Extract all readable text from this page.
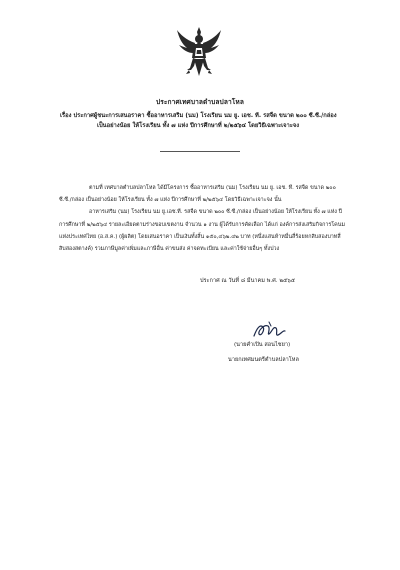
ประกาศเทศบาลตำบลปลาโหล
เรื่อง ประกาศผู้ชนะการเสนอราคา ซื้ออาหารเสริม (นม) โรงเรียน นม ยู. เอช. ที. รสจืด ขนาด ๒๐๐ ซี.ซี./กล่อง
เป็นอย่างน้อย ให้โรงเรียน ทั้ง ๗ แห่ง ปีการศึกษาที่ ๒/๒๕๖๔ โดยวิธีเฉพาะเจาะจง

ตามที่ เทศบาลตำบลปลาโหล ได้มีโครงการ ซื้ออาหารเสริม (นม) โรงเรียน นม ยู. เอช. ที. รสจืด ขนาด ๒๐๐ ซี.ซี./กล่อง เป็นอย่างน้อย ให้โรงเรียน ทั้ง ๗ แห่ง ปีการศึกษาที่ ๒/๒๕๖๔ โดยวิธีเฉพาะเจาะจง นั้น

อาหารเสริม (นม) โรงเรียน นม ยู.เอช.ที. รสจืด ขนาด ๒๐๐ ซี.ซี./กล่อง เป็นอย่างน้อย ให้โรงเรียน ทั้ง ๗ แห่ง ปีการศึกษาที่ ๒/๒๕๖๔ รายละเอียดตามร่างขอบเขตงาน จำนวน ๑ งาน ผู้ได้รับการคัดเลือก ได้แก่ องค์การส่งเสริมกิจการโคนมแห่งประเทศไทย (อ.ส.ค.) (ผู้ผลิต) โดยเสนอราคา เป็นเงินทั้งสิ้น ๑๕๐,๔๖๒.๔๒ บาท (หนึ่งแสนห้าหมื่นสี่ร้อยหกสิบสองบาทสี่สิบสองสตางค์) รวมภาษีมูลค่าเพิ่มและภาษีอื่น ค่าขนส่ง ค่าจดทะเบียน และค่าใช้จ่ายอื่นๆ ทั้งปวง

ประกาศ ณ วันที่ ๘ มีนาคม พ.ศ. ๒๕๖๕
(นายคำเปิน สอนไชยา)
นายกเทศมนตรีตำบลปลาโหล
